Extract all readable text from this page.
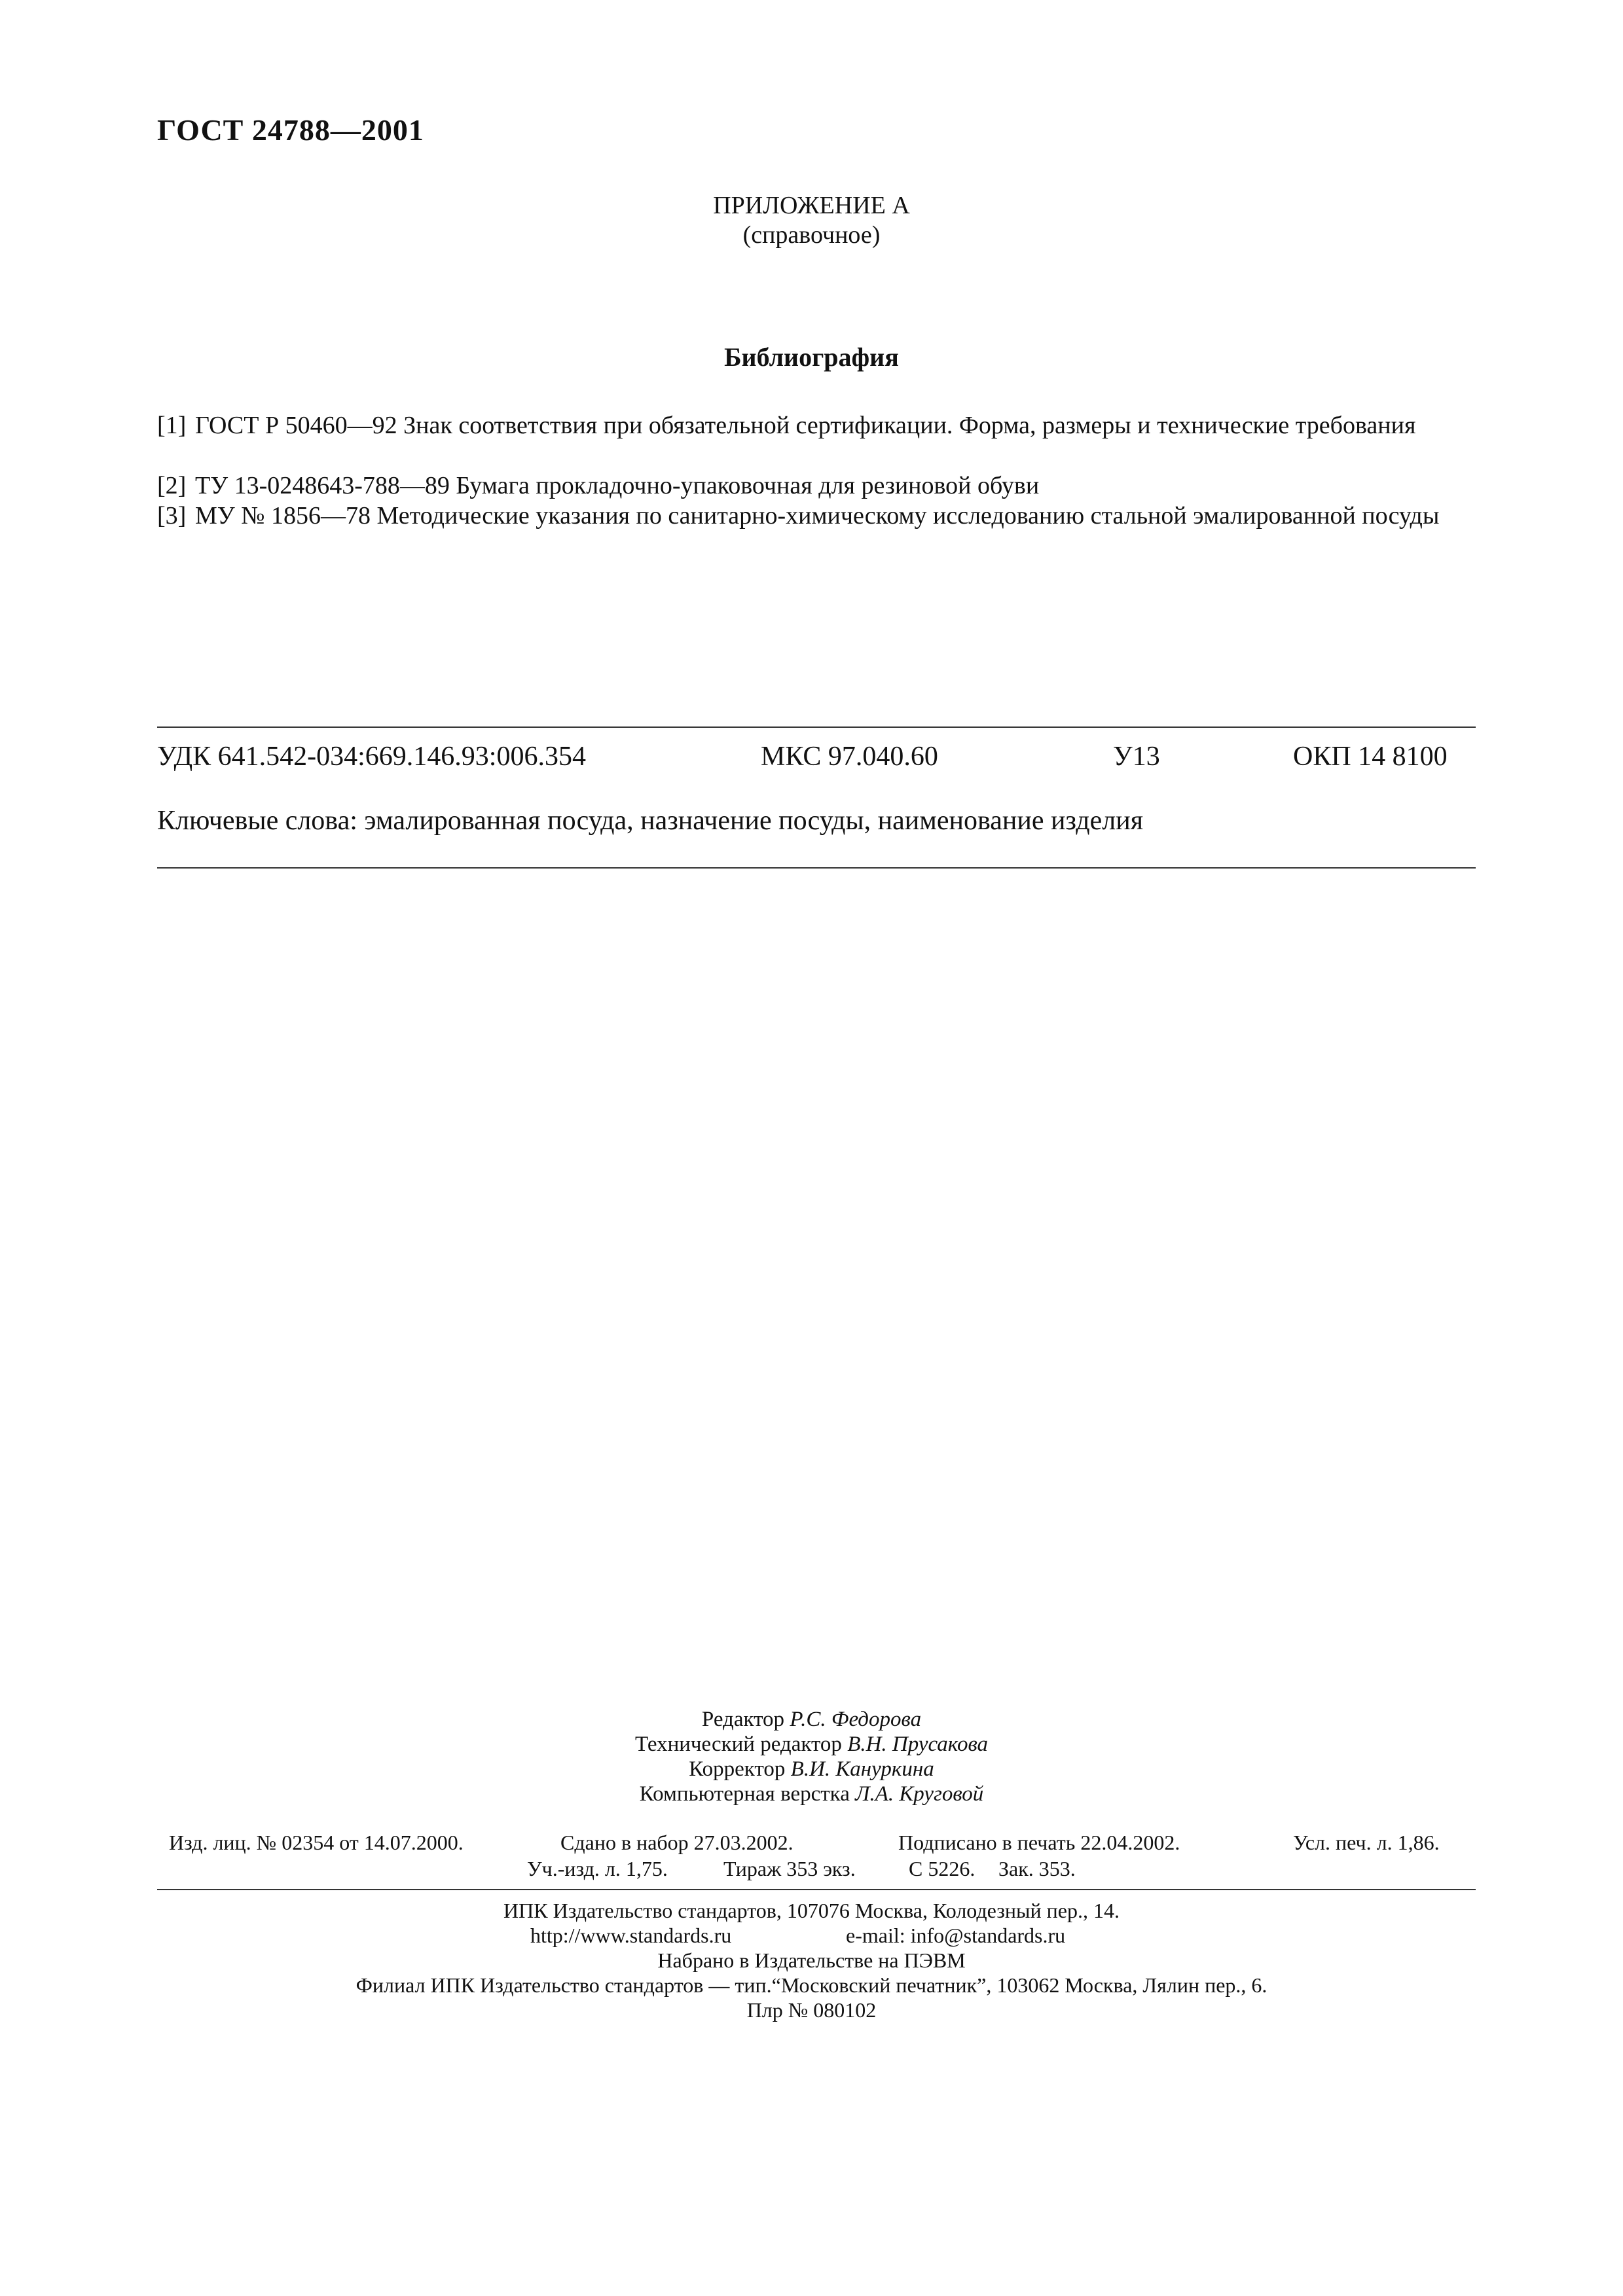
ГОСТ 24788—2001
ПРИЛОЖЕНИЕ А
(справочное)
Библиография
[1] ГОСТ Р 50460—92 Знак соответствия при обязательной сертификации. Форма, размеры и технические требования
[2] ТУ 13-0248643-788—89 Бумага прокладочно-упаковочная для резиновой обуви
[3] МУ № 1856—78 Методические указания по санитарно-химическому исследованию стальной эмалированной посуды
УДК 641.542-034:669.146.93:006.354	МКС 97.040.60	У13	ОКП 14 8100
Ключевые слова: эмалированная посуда, назначение посуды, наименование изделия
Редактор Р.С. Федорова
Технический редактор В.Н. Прусакова
Корректор В.И. Кануркина
Компьютерная верстка Л.А. Круговой
Изд. лиц. № 02354 от 14.07.2000.	Сдано в набор 27.03.2002.	Подписано в печать 22.04.2002.	Усл. печ. л. 1,86.
Уч.-изд. л. 1,75.	Тираж 353 экз.	С 5226. Зак. 353.
ИПК Издательство стандартов, 107076 Москва, Колодезный пер., 14.
http://www.standards.ru	e-mail: info@standards.ru
Набрано в Издательстве на ПЭВМ
Филиал ИПК Издательство стандартов — тип.“Московский печатник”, 103062 Москва, Лялин пер., 6.
Плр № 080102
